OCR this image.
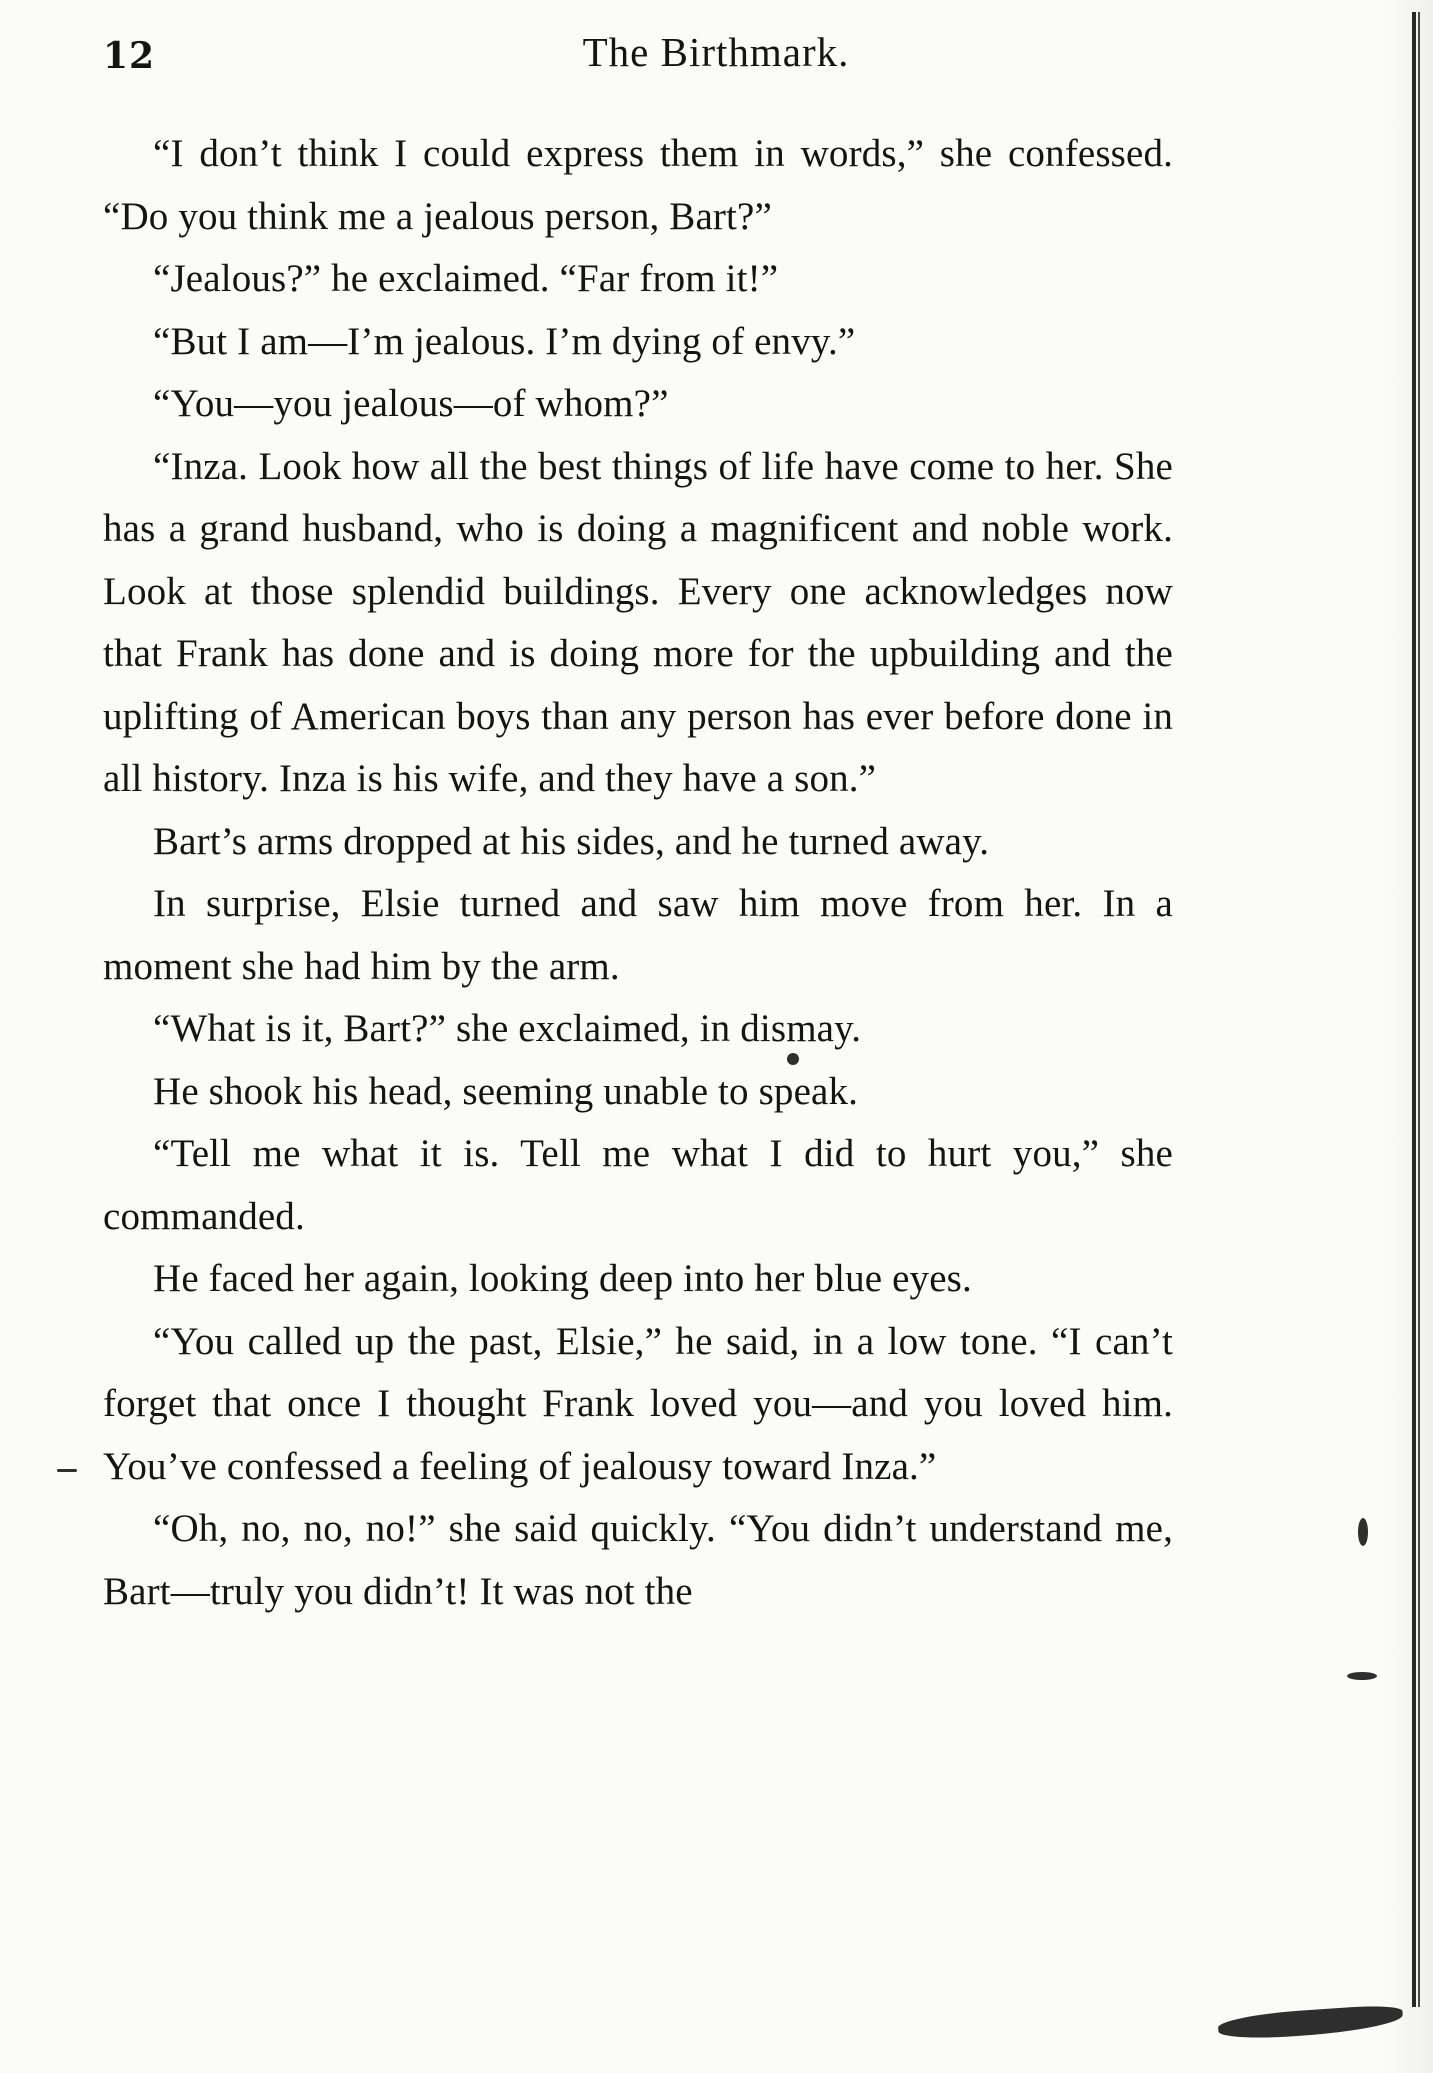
12	The Birthmark.

“I don’t think I could express them in words,” she confessed. “Do you think me a jealous person, Bart?”

“Jealous?” he exclaimed. “Far from it!”

“But I am—I’m jealous. I’m dying of envy.”

“You—you jealous—of whom?”

“Inza. Look how all the best things of life have come to her. She has a grand husband, who is doing a magnificent and noble work. Look at those splendid buildings. Every one acknowledges now that Frank has done and is doing more for the upbuilding and the uplifting of American boys than any person has ever before done in all history. Inza is his wife, and they have a son.”

Bart’s arms dropped at his sides, and he turned away.

In surprise, Elsie turned and saw him move from her. In a moment she had him by the arm.

“What is it, Bart?” she exclaimed, in dismay.

He shook his head, seeming unable to speak.

“Tell me what it is. Tell me what I did to hurt you,” she commanded.

He faced her again, looking deep into her blue eyes.

“You called up the past, Elsie,” he said, in a low tone. “I can’t forget that once I thought Frank loved you—and you loved him. You’ve confessed a feeling of jealousy toward Inza.”

“Oh, no, no, no!” she said quickly. “You didn’t understand me, Bart—truly you didn’t! It was not the
